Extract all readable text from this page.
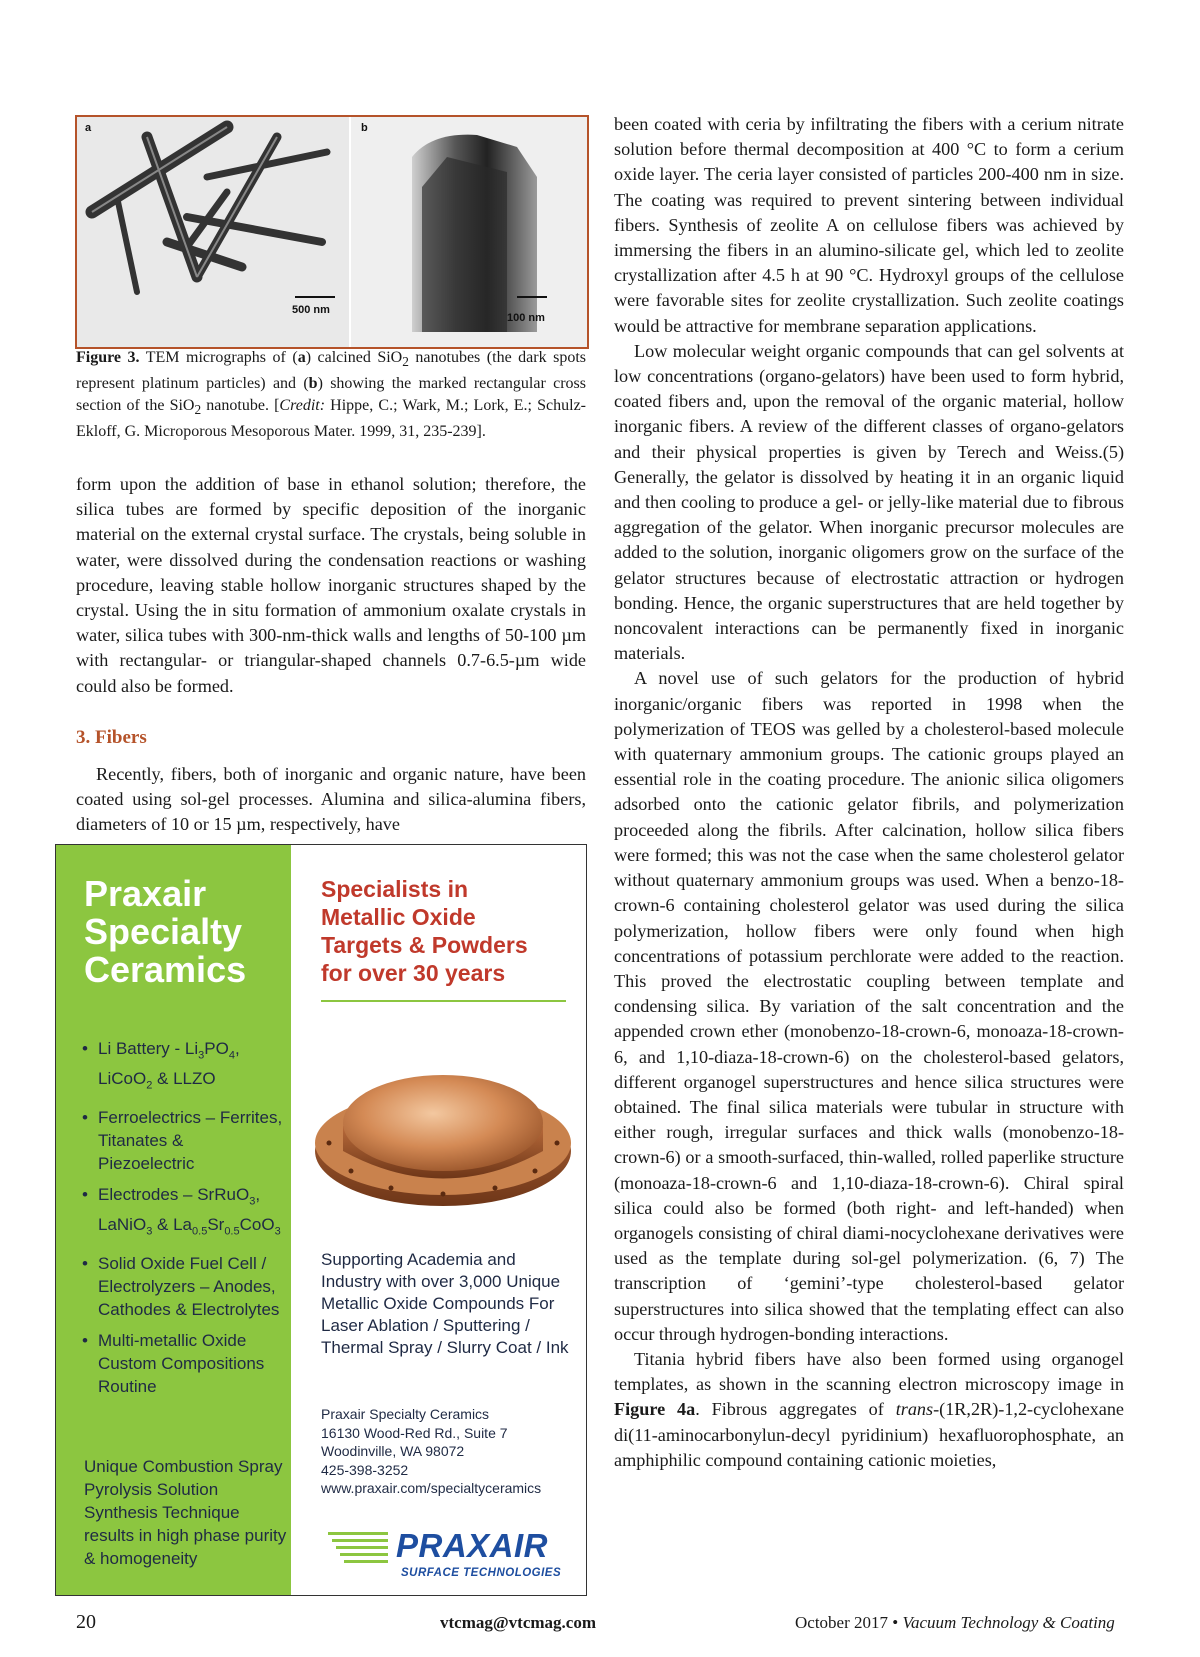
a	b
500 nm
100 nm

Figure 3. TEM micrographs of (a) calcined SiO$_2$ nanotubes (the dark spots represent platinum particles) and (b) showing the marked rectangular cross section of the SiO$_2$ nanotube. [Credit: Hippe, C.; Wark, M.; Lork, E.; Schulz-Ekloff, G. Microporous Mesoporous Mater. 1999, 31, 235-239].

form upon the addition of base in ethanol solution; therefore, the silica tubes are formed by specific deposition of the inorganic material on the external crystal surface. The crystals, being soluble in water, were dissolved during the condensation reactions or washing procedure, leaving stable hollow inorganic structures shaped by the crystal. Using the in situ formation of ammonium oxalate crystals in water, silica tubes with 300-nm-thick walls and lengths of 50-100 µm with rectangular- or triangular-shaped channels 0.7-6.5-µm wide could also be formed.

3. Fibers

Recently, fibers, both of inorganic and organic nature, have been coated using sol-gel processes. Alumina and silica-alumina fibers, diameters of 10 or 15 µm, respectively, have

been coated with ceria by infiltrating the fibers with a cerium nitrate solution before thermal decomposition at 400 °C to form a cerium oxide layer. The ceria layer consisted of particles 200-400 nm in size. The coating was required to prevent sintering between individual fibers. Synthesis of zeolite A on cellulose fibers was achieved by immersing the fibers in an alumino-silicate gel, which led to zeolite crystallization after 4.5 h at 90 °C. Hydroxyl groups of the cellulose were favorable sites for zeolite crystallization. Such zeolite coatings would be attractive for membrane separation applications.

Low molecular weight organic compounds that can gel solvents at low concentrations (organo-gelators) have been used to form hybrid, coated fibers and, upon the removal of the organic material, hollow inorganic fibers. A review of the different classes of organo-gelators and their physical properties is given by Terech and Weiss.(5) Generally, the gelator is dissolved by heating it in an organic liquid and then cooling to produce a gel- or jelly-like material due to fibrous aggregation of the gelator. When inorganic precursor molecules are added to the solution, inorganic oligomers grow on the surface of the gelator structures because of electrostatic attraction or hydrogen bonding. Hence, the organic superstructures that are held together by noncovalent interactions can be permanently fixed in inorganic materials.

A novel use of such gelators for the production of hybrid inorganic/organic fibers was reported in 1998 when the polymerization of TEOS was gelled by a cholesterol-based molecule with quaternary ammonium groups. The cationic groups played an essential role in the coating procedure. The anionic silica oligomers adsorbed onto the cationic gelator fibrils, and polymerization proceeded along the fibrils. After calcination, hollow silica fibers were formed; this was not the case when the same cholesterol gelator without quaternary ammonium groups was used. When a benzo-18-crown-6 containing cholesterol gelator was used during the silica polymerization, hollow fibers were only found when high concentrations of potassium perchlorate were added to the reaction. This proved the electrostatic coupling between template and condensing silica. By variation of the salt concentration and the appended crown ether (monobenzo-18-crown-6, monoaza-18-crown-6, and 1,10-diaza-18-crown-6) on the cholesterol-based gelators, different organogel superstructures and hence silica structures were obtained. The final silica materials were tubular in structure with either rough, irregular surfaces and thick walls (monobenzo-18-crown-6) or a smooth-surfaced, thin-walled, rolled paperlike structure (monoaza-18-crown-6 and 1,10-diaza-18-crown-6). Chiral spiral silica could also be formed (both right- and left-handed) when organogels consisting of chiral diami-nocyclohexane derivatives were used as the template during sol-gel polymerization. (6, 7) The transcription of ‘gemini’-type cholesterol-based gelator superstructures into silica showed that the templating effect can also occur through hydrogen-bonding interactions.

Titania hybrid fibers have also been formed using organogel templates, as shown in the scanning electron microscopy image in Figure 4a. Fibrous aggregates of trans-(1R,2R)-1,2-cyclohexane di(11-aminocarbonylun-decyl pyridinium) hexafluorophosphate, an amphiphilic compound containing cationic moieties,

Praxair
Specialty
Ceramics

• Li Battery - $Li_3PO_4$, LiCoO$_2$ & LLZO
• Ferroelectrics – Ferrites, Titanates & Piezoelectric
• Electrodes – SrRuO$_3$, LaNiO$_3$ & $La_{0.5}Sr_{0.5}CoO_3$
• Solid Oxide Fuel Cell / Electrolyzers – Anodes, Cathodes & Electrolytes
• Multi-metallic Oxide Custom Compositions Routine

Unique Combustion Spray Pyrolysis Solution Synthesis Technique results in high phase purity & homogeneity

Specialists in
Metallic Oxide
Targets & Powders
for over 30 years

Supporting Academia and Industry with over 3,000 Unique Metallic Oxide Compounds For Laser Ablation / Sputtering / Thermal Spray / Slurry Coat / Ink

Praxair Specialty Ceramics
16130 Wood-Red Rd., Suite 7
Woodinville, WA 98072
425-398-3252
www.praxair.com/specialtyceramics

PRAXAIR

SURFACE TECHNOLOGIES

20	vtcmag@vtcmag.com	October 2017 • Vacuum Technology & Coating
